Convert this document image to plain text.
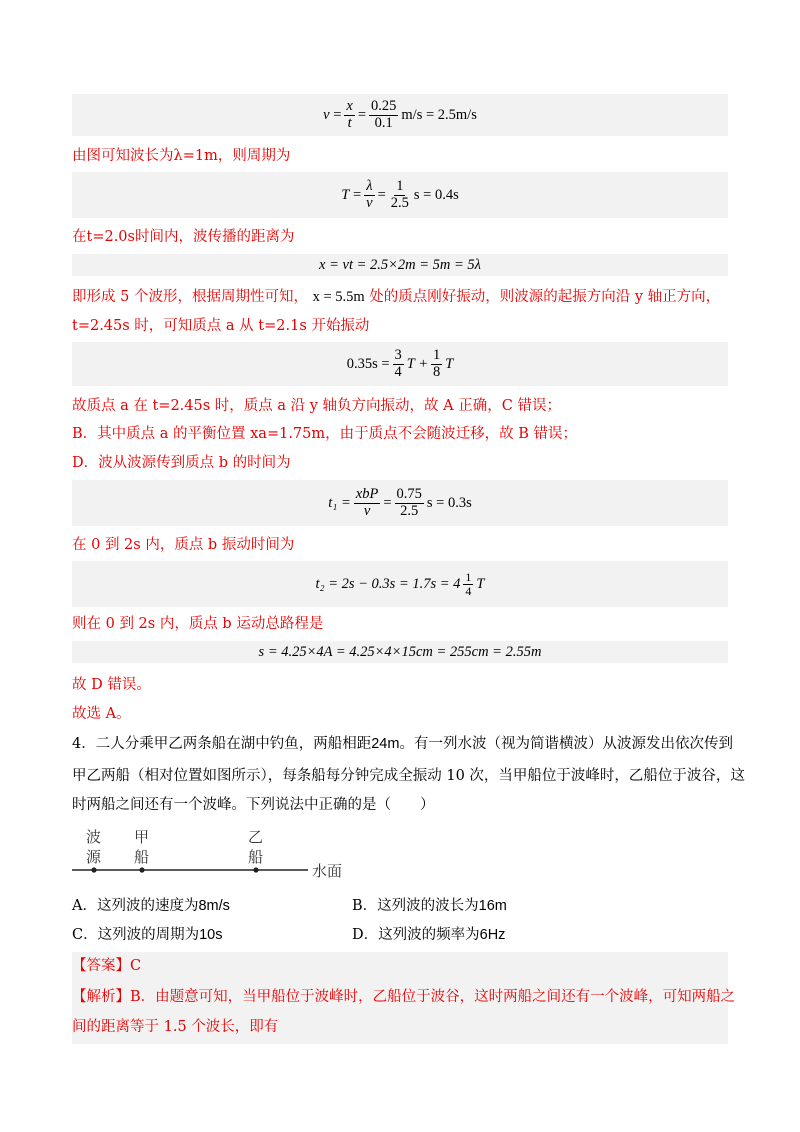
$v = \frac{x}{t} = \frac{0.25}{0.1} m/s = 2.5m/s$
由图可知波长为λ=1m，则周期为
$T = \frac{\lambda}{v} = \frac{1}{2.5}$ s = 0.4s
在t=2.0s时间内，波传播的距离为
x = vt = 2.5×2m = 5m = 5λ
即形成 5 个波形，根据周期性可知， x = 5.5m 处的质点刚好振动，则波源的起振方向沿 y 轴正方向，
t=2.45s 时，可知质点 a 从 t=2.1s 开始振动
$0.35s = \frac{3}{4}$ $T + \frac{1}{8}$ T
故质点 a 在 t=2.45s 时，质点 a 沿 y 轴负方向振动，故 A 正确，C 错误；
B．其中质点 a 的平衡位置 xa=1.75m，由于质点不会随波迁移，故 B 错误；
D．波从波源传到质点 b 的时间为
$t_1 = \frac{\text{xbP}}{v} = \frac{0.75}{2.5}$ s = 0.3s
在 0 到 2s 内，质点 b 振动时间为
$t_2 = 2s - 0.3s = 1.7s = 4 \frac{1}{4}$ T
则在 0 到 2s 内，质点 b 运动总路程是
s = 4.25×4A = 4.25×4×15cm = 255cm = 2.55m
故 D 错误。
故选 A。
4．二人分乘甲乙两条船在湖中钓鱼，两船相距24m。有一列水波（视为简谐横波）从波源发出依次传到
甲乙两船（相对位置如图所示），每条船每分钟完成全振动 10 次，当甲船位于波峰时，乙船位于波谷，这
时两船之间还有一个波峰。下列说法中正确的是（　　）
波
源
甲
船
乙
船
水面
A．这列波的速度为8m/s	B．这列波的波长为16m
C．这列波的周期为10s	D．这列波的频率为6Hz
【答案】C
【解析】B．由题意可知，当甲船位于波峰时，乙船位于波谷，这时两船之间还有一个波峰，可知两船之
间的距离等于 1.5 个波长，即有
